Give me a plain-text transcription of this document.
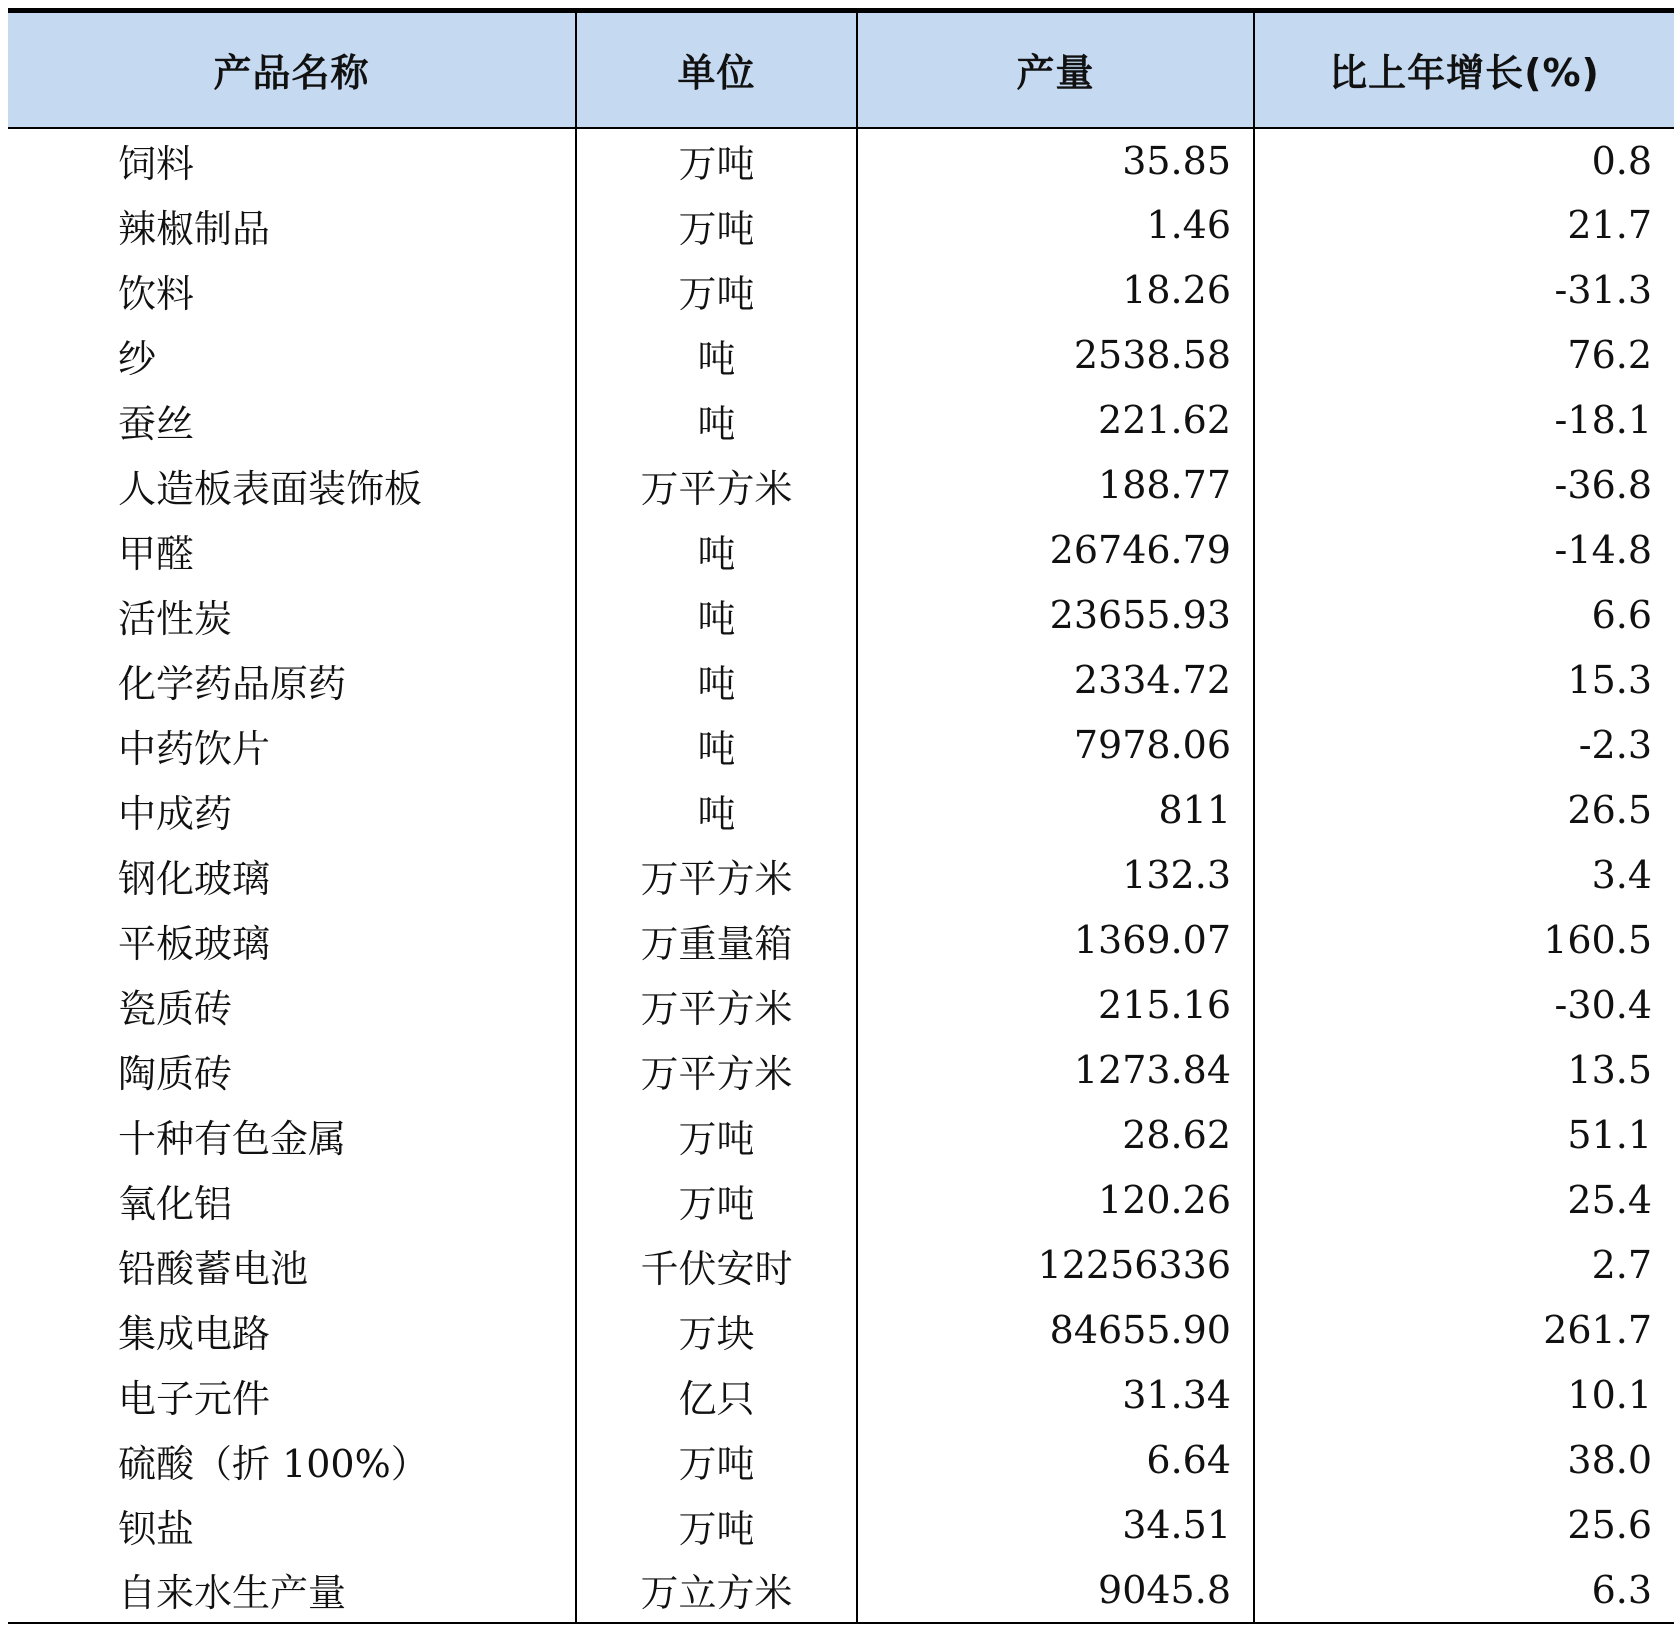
产品名称	单位	产量	比上年增长(%)
饲料	万吨	35.85	0.8
辣椒制品	万吨	1.46	21.7
饮料	万吨	18.26	-31.3
纱	吨	2538.58	76.2
蚕丝	吨	221.62	-18.1
人造板表面装饰板	万平方米	188.77	-36.8
甲醛	吨	26746.79	-14.8
活性炭	吨	23655.93	6.6
化学药品原药	吨	2334.72	15.3
中药饮片	吨	7978.06	-2.3
中成药	吨	811	26.5
钢化玻璃	万平方米	132.3	3.4
平板玻璃	万重量箱	1369.07	160.5
瓷质砖	万平方米	215.16	-30.4
陶质砖	万平方米	1273.84	13.5
十种有色金属	万吨	28.62	51.1
氧化铝	万吨	120.26	25.4
铅酸蓄电池	千伏安时	12256336	2.7
集成电路	万块	84655.90	261.7
电子元件	亿只	31.34	10.1
硫酸（折 100%）	万吨	6.64	38.0
钡盐	万吨	34.51	25.6
自来水生产量	万立方米	9045.8	6.3
